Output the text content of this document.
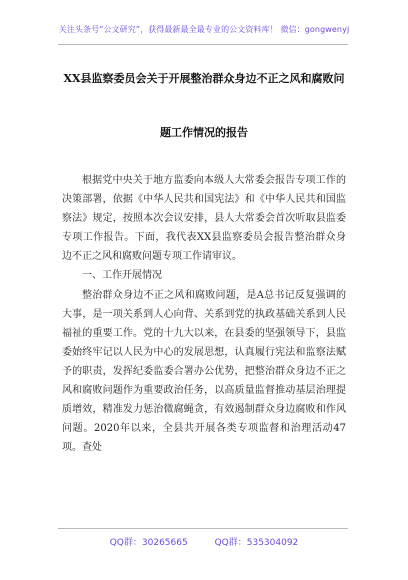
关注头条号“公文研究”，获得最新最全最专业的公文资料库！ 微信：gongwenyj
XX县监察委员会关于开展整治群众身边不正之风和腐败问
题工作情况的报告

根据党中央关于地方监委向本级人大常委会报告专项工作的决策部署，依据《中华人民共和国宪法》和《中华人民共和国监察法》规定，按照本次会议安排，县人大常委会首次听取县监委专项工作报告。下面，我代表XX县监察委员会报告整治群众身边不正之风和腐败问题专项工作请审议。

一、工作开展情况

整治群众身边不正之风和腐败问题，是A总书记反复强调的大事，是一项关系到人心向背、关系到党的执政基础关系到人民福祉的重要工作。党的十九大以来，在县委的坚强领导下，县监委始终牢记以人民为中心的发展思想，认真履行宪法和监察法赋予的职责，发挥纪委监委合署办公优势，把整治群众身边不正之风和腐败问题作为重要政治任务，以高质量监督推动基层治理提质增效，精准发力惩治微腐蝇贪，有效遏制群众身边腐败和作风问题。2020年以来，全县共开展各类专项监督和治理活动47项。查处

QQ群：30265665	QQ群：535304092
